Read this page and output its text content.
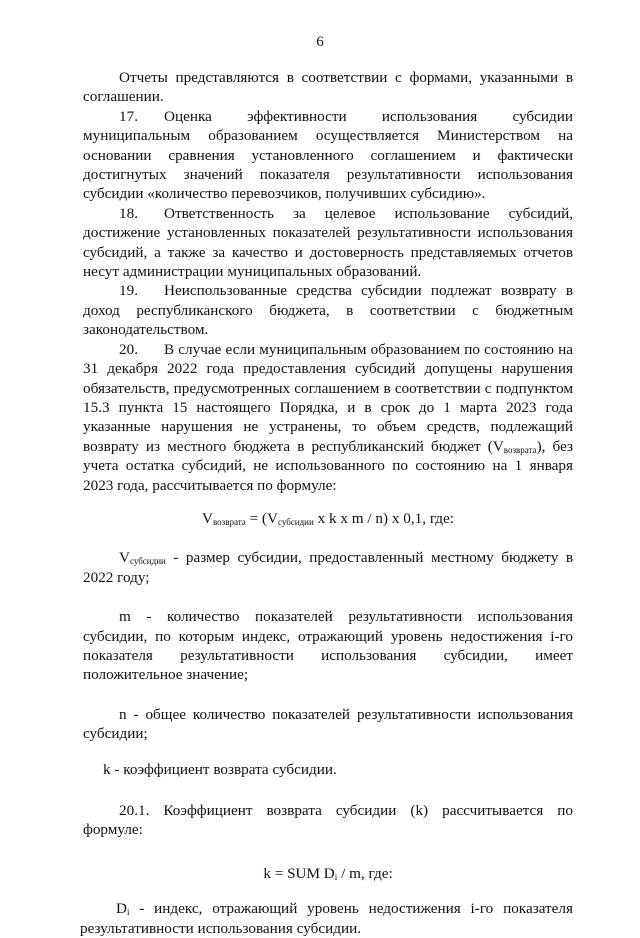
6

Отчеты представляются в соответствии с формами, указанными в соглашении.

17. Оценка эффективности использования субсидии муниципальным образованием осуществляется Министерством на основании сравнения установленного соглашением и фактически достигнутых значений показателя результативности использования субсидии «количество перевозчиков, получивших субсидию».

18. Ответственность за целевое использование субсидий, достижение установленных показателей результативности использования субсидий, а также за качество и достоверность представляемых отчетов несут администрации муниципальных образований.

19. Неиспользованные средства субсидии подлежат возврату в доход республиканского бюджета, в соответствии с бюджетным законодательством.

20. В случае если муниципальным образованием по состоянию на 31 декабря 2022 года предоставления субсидий допущены нарушения обязательств, предусмотренных соглашением в соответствии с подпунктом 15.3 пункта 15 настоящего Порядка, и в срок до 1 марта 2023 года указанные нарушения не устранены, то объем средств, подлежащий возврату из местного бюджета в республиканский бюджет $(V_{возврата})$, без учета остатка субсидий, не использованного по состоянию на 1 января 2023 года, рассчитывается по формуле:

$V_{возврата} = (V_{субсидии}$ x k x m / n) x 0,1, где:

$V_{субсидии}$ - размер субсидии, предоставленный местному бюджету в 2022 году;

m - количество показателей результативности использования субсидии, по которым индекс, отражающий уровень недостижения i-го показателя результативности использования субсидии, имеет положительное значение;

n - общее количество показателей результативности использования субсидии;

k - коэффициент возврата субсидии.

20.1. Коэффициент возврата субсидии (k) рассчитывается по формуле:

k = SUM $D_i$ / m, где:

$D_i$ - индекс, отражающий уровень недостижения i-го показателя результативности использования субсидии.
